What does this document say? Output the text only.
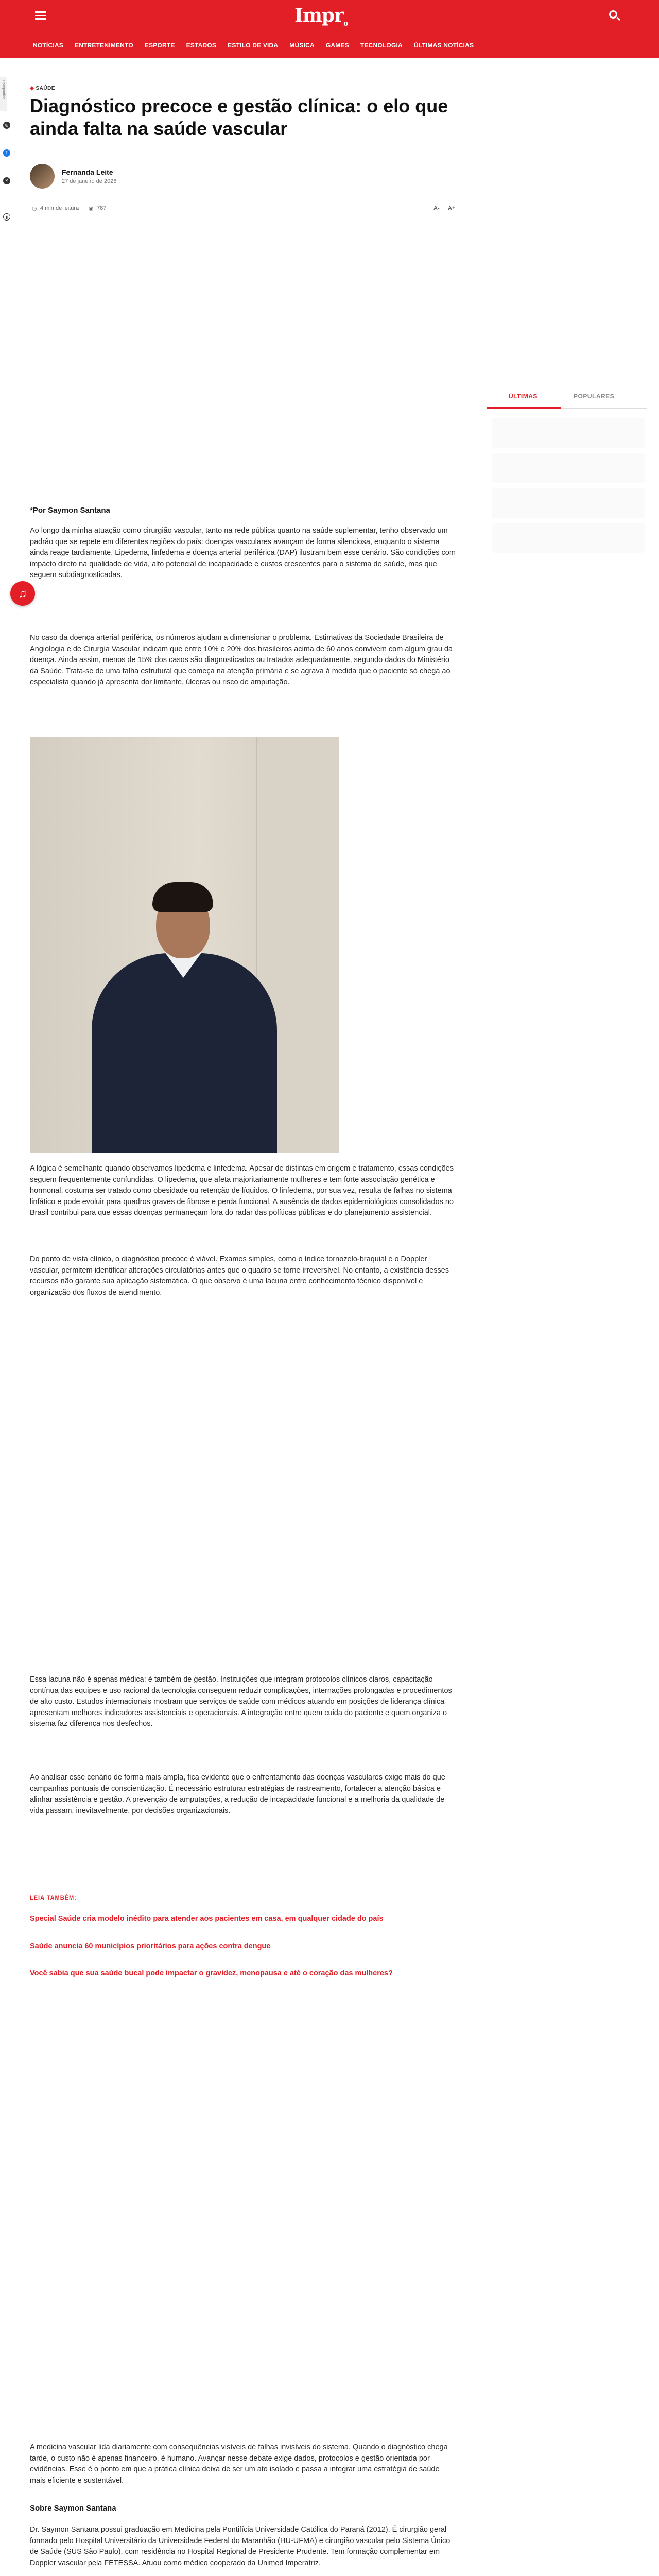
Impr$_o$
NOTÍCIAS ENTRETENIMENTO ESPORTE ESTADOS ESTILO DE VIDA MÚSICA GAMES TECNOLOGIA ÚLTIMAS NOTÍCIAS
Compartilhe
◎
f
✕
▮
♫
◆ SAÚDE
Diagnóstico precoce e gestão clínica: o elo que ainda falta na saúde vascular
Fernanda Leite
27 de janeiro de 2026
◷ 4 min de leitura ◉ 787	A- A+
ÚLTIMAS	POPULARES
*Por Saymon Santana

Ao longo da minha atuação como cirurgião vascular, tanto na rede pública quanto na saúde suplementar, tenho observado um padrão que se repete em diferentes regiões do país: doenças vasculares avançam de forma silenciosa, enquanto o sistema ainda reage tardiamente. Lipedema, linfedema e doença arterial periférica (DAP) ilustram bem esse cenário. São condições com impacto direto na qualidade de vida, alto potencial de incapacidade e custos crescentes para o sistema de saúde, mas que seguem subdiagnosticadas.

No caso da doença arterial periférica, os números ajudam a dimensionar o problema. Estimativas da Sociedade Brasileira de Angiologia e de Cirurgia Vascular indicam que entre 10% e 20% dos brasileiros acima de 60 anos convivem com algum grau da doença. Ainda assim, menos de 15% dos casos são diagnosticados ou tratados adequadamente, segundo dados do Ministério da Saúde. Trata-se de uma falha estrutural que começa na atenção primária e se agrava à medida que o paciente só chega ao especialista quando já apresenta dor limitante, úlceras ou risco de amputação.

A lógica é semelhante quando observamos lipedema e linfedema. Apesar de distintas em origem e tratamento, essas condições seguem frequentemente confundidas. O lipedema, que afeta majoritariamente mulheres e tem forte associação genética e hormonal, costuma ser tratado como obesidade ou retenção de líquidos. O linfedema, por sua vez, resulta de falhas no sistema linfático e pode evoluir para quadros graves de fibrose e perda funcional. A ausência de dados epidemiológicos consolidados no Brasil contribui para que essas doenças permaneçam fora do radar das políticas públicas e do planejamento assistencial.

Do ponto de vista clínico, o diagnóstico precoce é viável. Exames simples, como o índice tornozelo-braquial e o Doppler vascular, permitem identificar alterações circulatórias antes que o quadro se torne irreversível. No entanto, a existência desses recursos não garante sua aplicação sistemática. O que observo é uma lacuna entre conhecimento técnico disponível e organização dos fluxos de atendimento.

Essa lacuna não é apenas médica; é também de gestão. Instituições que integram protocolos clínicos claros, capacitação contínua das equipes e uso racional da tecnologia conseguem reduzir complicações, internações prolongadas e procedimentos de alto custo. Estudos internacionais mostram que serviços de saúde com médicos atuando em posições de liderança clínica apresentam melhores indicadores assistenciais e operacionais. A integração entre quem cuida do paciente e quem organiza o sistema faz diferença nos desfechos.

Ao analisar esse cenário de forma mais ampla, fica evidente que o enfrentamento das doenças vasculares exige mais do que campanhas pontuais de conscientização. É necessário estruturar estratégias de rastreamento, fortalecer a atenção básica e alinhar assistência e gestão. A prevenção de amputações, a redução de incapacidade funcional e a melhoria da qualidade de vida passam, inevitavelmente, por decisões organizacionais.

LEIA TAMBÉM:
Special Saúde cria modelo inédito para atender aos pacientes em casa, em qualquer cidade do país
Saúde anuncia 60 municípios prioritários para ações contra dengue
Você sabia que sua saúde bucal pode impactar o gravidez, menopausa e até o coração das mulheres?

A medicina vascular lida diariamente com consequências visíveis de falhas invisíveis do sistema. Quando o diagnóstico chega tarde, o custo não é apenas financeiro, é humano. Avançar nesse debate exige dados, protocolos e gestão orientada por evidências. Esse é o ponto em que a prática clínica deixa de ser um ato isolado e passa a integrar uma estratégia de saúde mais eficiente e sustentável.

Sobre Saymon Santana

Dr. Saymon Santana possui graduação em Medicina pela Pontifícia Universidade Católica do Paraná (2012). É cirurgião geral formado pelo Hospital Universitário da Universidade Federal do Maranhão (HU-UFMA) e cirurgião vascular pelo Sistema Único de Saúde (SUS São Paulo), com residência no Hospital Regional de Presidente Prudente. Tem formação complementar em Doppler vascular pela FETESSA. Atuou como médico cooperado da Unimed Imperatriz.
